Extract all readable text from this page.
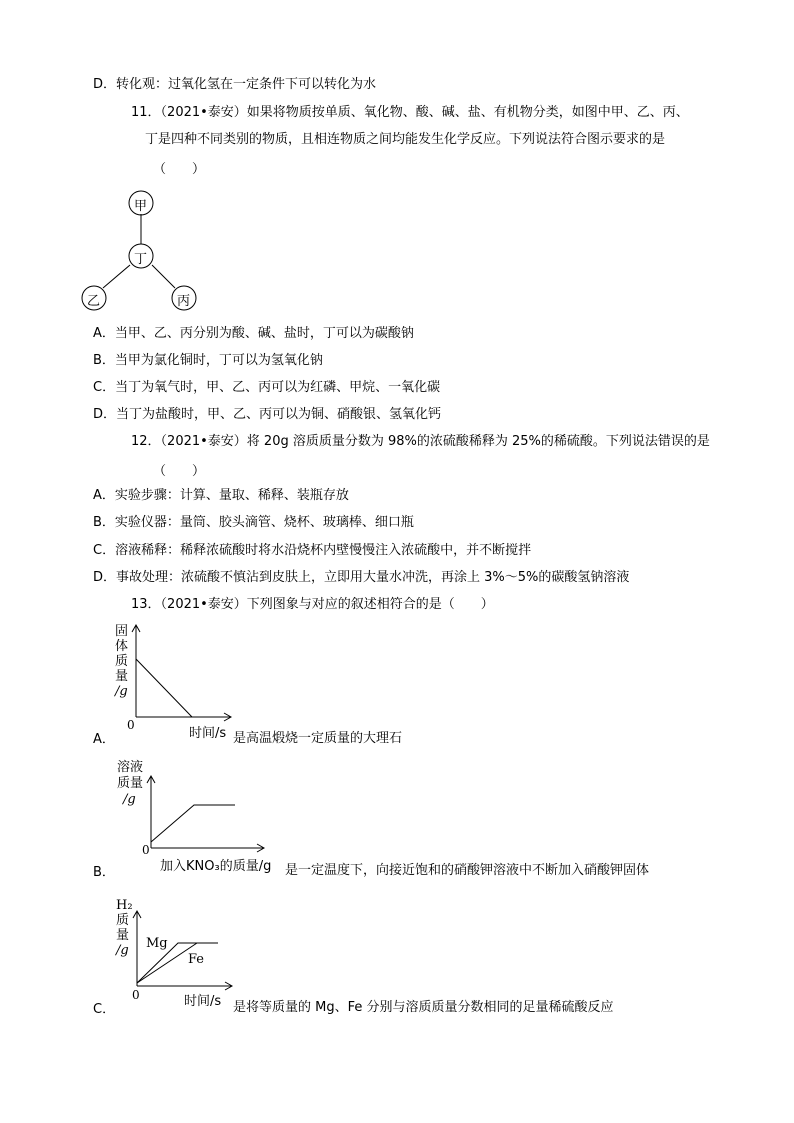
D．转化观：过氧化氢在一定条件下可以转化为水
11．（2021•泰安）如果将物质按单质、氧化物、酸、碱、盐、有机物分类，如图中甲、乙、丙、
丁是四种不同类别的物质，且相连物质之间均能发生化学反应。下列说法符合图示要求的是
（　　）
甲
丁
乙	丙
A．当甲、乙、丙分别为酸、碱、盐时，丁可以为碳酸钠
B．当甲为氯化铜时，丁可以为氢氧化钠
C．当丁为氧气时，甲、乙、丙可以为红磷、甲烷、一氧化碳
D．当丁为盐酸时，甲、乙、丙可以为铜、硝酸银、氢氧化钙
12．（2021•泰安）将 20g 溶质质量分数为 98%的浓硫酸稀释为 25%的稀硫酸。下列说法错误的是
（　　）
A．实验步骤：计算、量取、稀释、装瓶存放
B．实验仪器：量筒、胶头滴管、烧杯、玻璃棒、细口瓶
C．溶液稀释：稀释浓硫酸时将水沿烧杯内壁慢慢注入浓硫酸中，并不断搅拌
D．事故处理：浓硫酸不慎沾到皮肤上，立即用大量水冲洗，再涂上 3%～5%的碳酸氢钠溶液
13．（2021•泰安）下列图象与对应的叙述相符合的是（　　）
固
体
质
量
/g
0
时间/s
A．	是高温煅烧一定质量的大理石
溶液
质量
/g
0
加入KNO₃的质量/g
B．	是一定温度下，向接近饱和的硝酸钾溶液中不断加入硝酸钾固体
H₂
质
量
/g Mg
Fe
0	时间/s
C．	是将等质量的 Mg、Fe 分别与溶质质量分数相同的足量稀硫酸反应
